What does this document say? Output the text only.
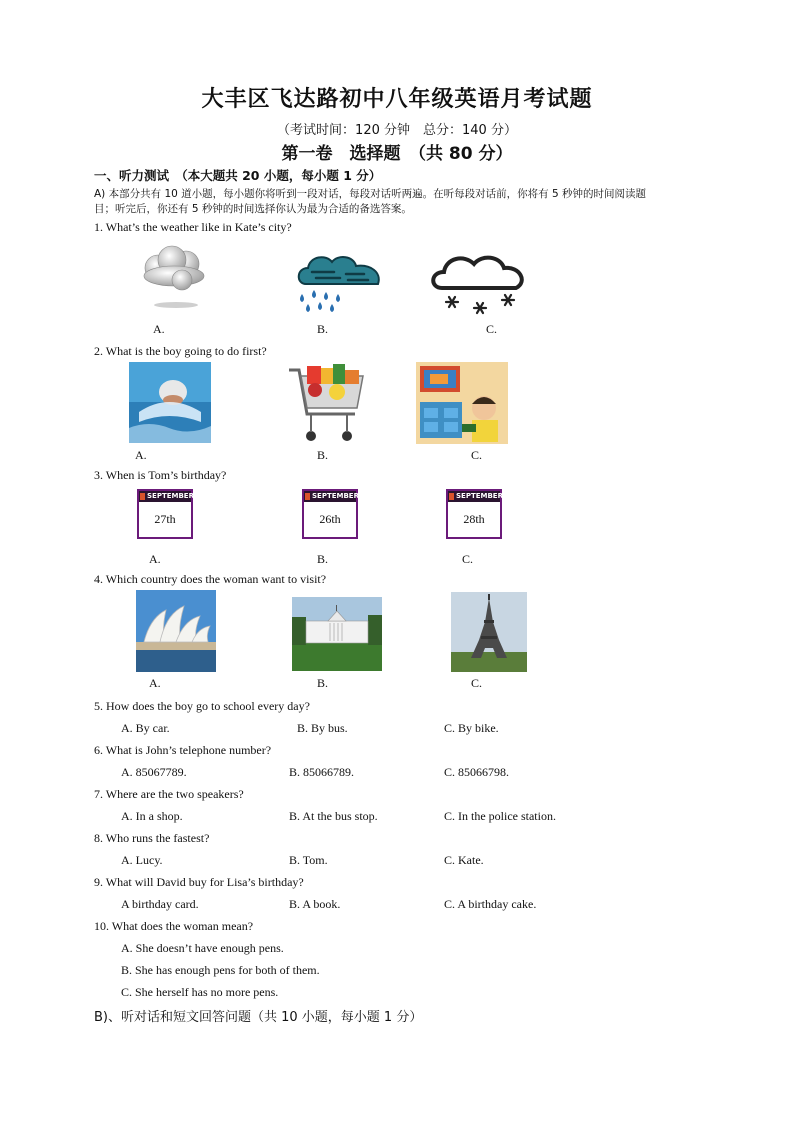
大丰区飞达路初中八年级英语月考试题
（考试时间：120 分钟　总分：140 分）
第一卷　选择题　（共 80 分）
一、听力测试　（本大题共 20 小题，每小题 1 分）
A) 本部分共有 10 道小题，每小题你将听到一段对话，每段对话听两遍。在听每段对话前，你将有 5 秒钟的时间阅读题
目；听完后，你还有 5 秒钟的时间选择你认为最为合适的备选答案。
1. What’s the weather like in Kate’s city?
A.	B.	C.
2. What is the boy going to do first?
A.	B.	C.
3. When is Tom’s birthday?
SEPTEMBER
27th
SEPTEMBER
26th
SEPTEMBER
28th
A.	B.	C.
4. Which country does the woman want to visit?
A.	B.	C.
5. How does the boy go to school every day?
A. By car.	B. By bus.	C. By bike.
6. What is John’s telephone number?
A. 85067789.	B. 85066789.	C. 85066798.
7. Where are the two speakers?
A. In a shop.	B. At the bus stop.	C. In the police station.
8. Who runs the fastest?
A. Lucy.	B. Tom.	C. Kate.
9. What will David buy for Lisa’s birthday?
A birthday card.	B. A book.	C. A birthday cake.
10. What does the woman mean?
A. She doesn’t have enough pens.
B. She has enough pens for both of them.
C. She herself has no more pens.
B)、听对话和短文回答问题（共 10 小题，每小题 1 分）
